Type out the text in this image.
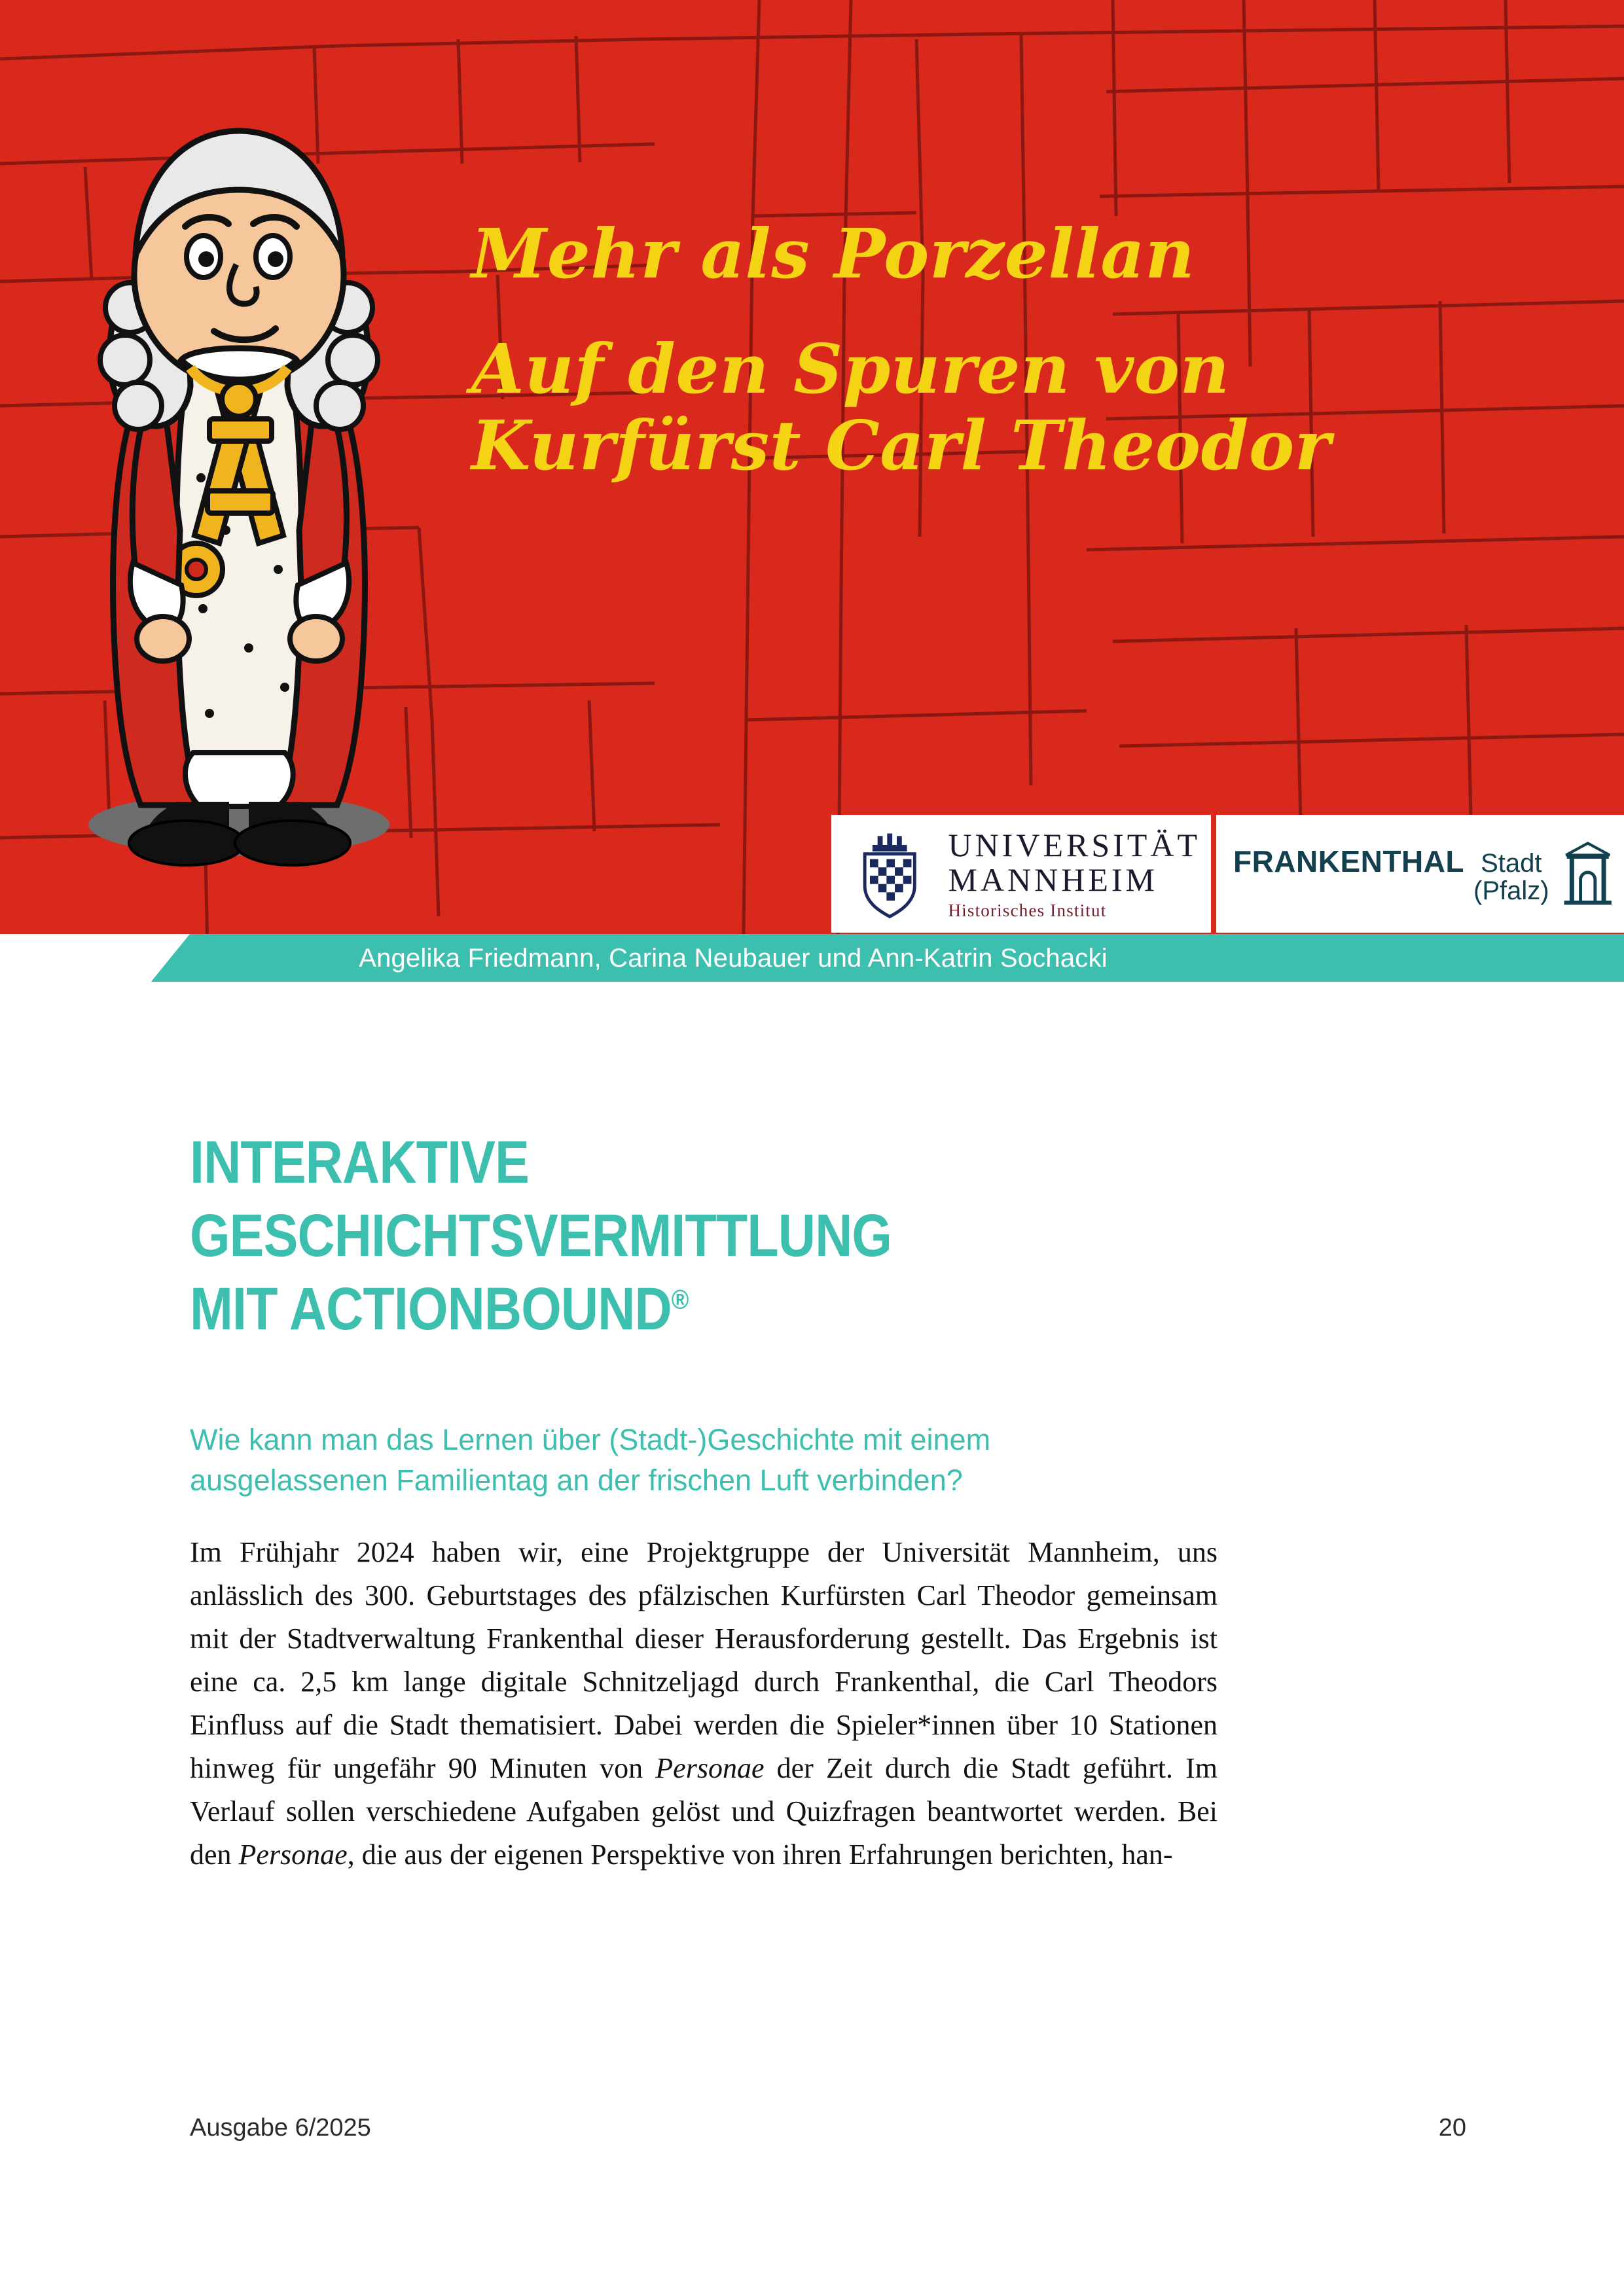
Mehr als Porzellan
Auf den Spuren von
Kurfürst Carl Theodor
UNIVERSITÄT
MANNHEIM
Historisches Institut
FRANKENTHAL Stadt
(Pfalz)
Angelika Friedmann, Carina Neubauer und Ann-Katrin Sochacki
INTERAKTIVE GESCHICHTSVERMITTLUNG
MIT ACTIONBOUND®

Wie kann man das Lernen über (Stadt-)Geschichte mit einem ausgelassenen Familientag an der frischen Luft verbinden?

Im Frühjahr 2024 haben wir, eine Projektgruppe der Universität Mannheim, uns anlässlich des 300. Geburtstages des pfälzischen Kurfürsten Carl Theodor gemeinsam mit der Stadtverwaltung Frankenthal dieser Herausforderung gestellt. Das Ergebnis ist eine ca. 2,5 km lange digitale Schnitzeljagd durch Frankenthal, die Carl Theodors Einfluss auf die Stadt thematisiert. Dabei werden die Spieler*innen über 10 Stationen hinweg für ungefähr 90 Minuten von Personae der Zeit durch die Stadt geführt. Im Verlauf sollen verschiedene Aufgaben gelöst und Quizfragen beantwortet werden. Bei den Personae, die aus der eigenen Perspektive von ihren Erfahrungen berichten, han-

Ausgabe 6/2025	20
